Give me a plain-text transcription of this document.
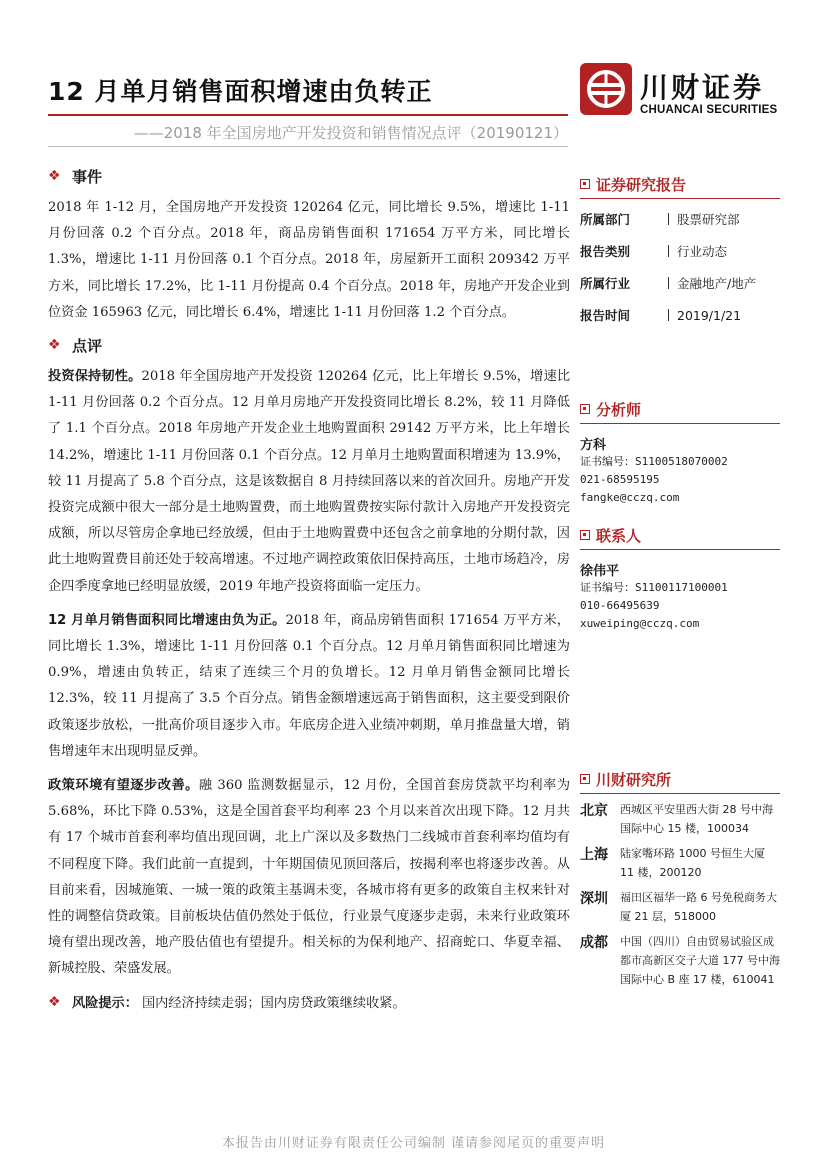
12 月单月销售面积增速由负转正
——2018 年全国房地产开发投资和销售情况点评（20190121）
川财证券
CHUANCAI SECURITIES
❖ 事件

2018 年 1-12 月，全国房地产开发投资 120264 亿元，同比增长 9.5%，增速比 1-11 月份回落 0.2 个百分点。2018 年，商品房销售面积 171654 万平方米，同比增长 1.3%，增速比 1-11 月份回落 0.1 个百分点。2018 年，房屋新开工面积 209342 万平方米，同比增长 17.2%，比 1-11 月份提高 0.4 个百分点。2018 年，房地产开发企业到位资金 165963 亿元，同比增长 6.4%，增速比 1-11 月份回落 1.2 个百分点。

❖ 点评

投资保持韧性。2018 年全国房地产开发投资 120264 亿元，比上年增长 9.5%，增速比 1-11 月份回落 0.2 个百分点。12 月单月房地产开发投资同比增长 8.2%，较 11 月降低了 1.1 个百分点。2018 年房地产开发企业土地购置面积 29142 万平方米，比上年增长 14.2%，增速比 1-11 月份回落 0.1 个百分点。12 月单月土地购置面积增速为 13.9%，较 11 月提高了 5.8 个百分点，这是该数据自 8 月持续回落以来的首次回升。房地产开发投资完成额中很大一部分是土地购置费，而土地购置费按实际付款计入房地产开发投资完成额，所以尽管房企拿地已经放缓，但由于土地购置费中还包含之前拿地的分期付款，因此土地购置费目前还处于较高增速。不过地产调控政策依旧保持高压，土地市场趋冷，房企四季度拿地已经明显放缓，2019 年地产投资将面临一定压力。

12 月单月销售面积同比增速由负为正。2018 年，商品房销售面积 171654 万平方米，同比增长 1.3%，增速比 1-11 月份回落 0.1 个百分点。12 月单月销售面积同比增速为 0.9%，增速由负转正，结束了连续三个月的负增长。12 月单月销售金额同比增长 12.3%，较 11 月提高了 3.5 个百分点。销售金额增速远高于销售面积，这主要受到限价政策逐步放松，一批高价项目逐步入市。年底房企进入业绩冲刺期，单月推盘量大增，销售增速年末出现明显反弹。

政策环境有望逐步改善。融 360 监测数据显示，12 月份，全国首套房贷款平均利率为 5.68%，环比下降 0.53%，这是全国首套平均利率 23 个月以来首次出现下降。12 月共有 17 个城市首套利率均值出现回调，北上广深以及多数热门二线城市首套利率均值均有不同程度下降。我们此前一直提到，十年期国债见顶回落后，按揭利率也将逐步改善。从目前来看，因城施策、一城一策的政策主基调未变，各城市将有更多的政策自主权来针对性的调整信贷政策。目前板块估值仍然处于低位，行业景气度逐步走弱，未来行业政策环境有望出现改善，地产股估值也有望提升。相关标的为保利地产、招商蛇口、华夏幸福、新城控股、荣盛发展。

❖ 风险提示： 国内经济持续走弱；国内房贷政策继续收紧。
证券研究报告
所属部门	股票研究部
报告类别	行业动态
所属行业	金融地产/地产
报告时间	2019/1/21
分析师
方科
证书编号：S1100518070002
021-68595195
fangke@cczq.com
联系人
徐伟平
证书编号：S1100117100001
010-66495639
xuweiping@cczq.com
川财研究所
北京	西城区平安里西大街 28 号中海国际中心 15 楼，100034
上海	陆家嘴环路 1000 号恒生大厦 11 楼，200120
深圳	福田区福华一路 6 号免税商务大厦 21 层，518000
成都	中国（四川）自由贸易试验区成都市高新区交子大道 177 号中海国际中心 B 座 17 楼，610041
本报告由川财证券有限责任公司编制 谨请参阅尾页的重要声明
